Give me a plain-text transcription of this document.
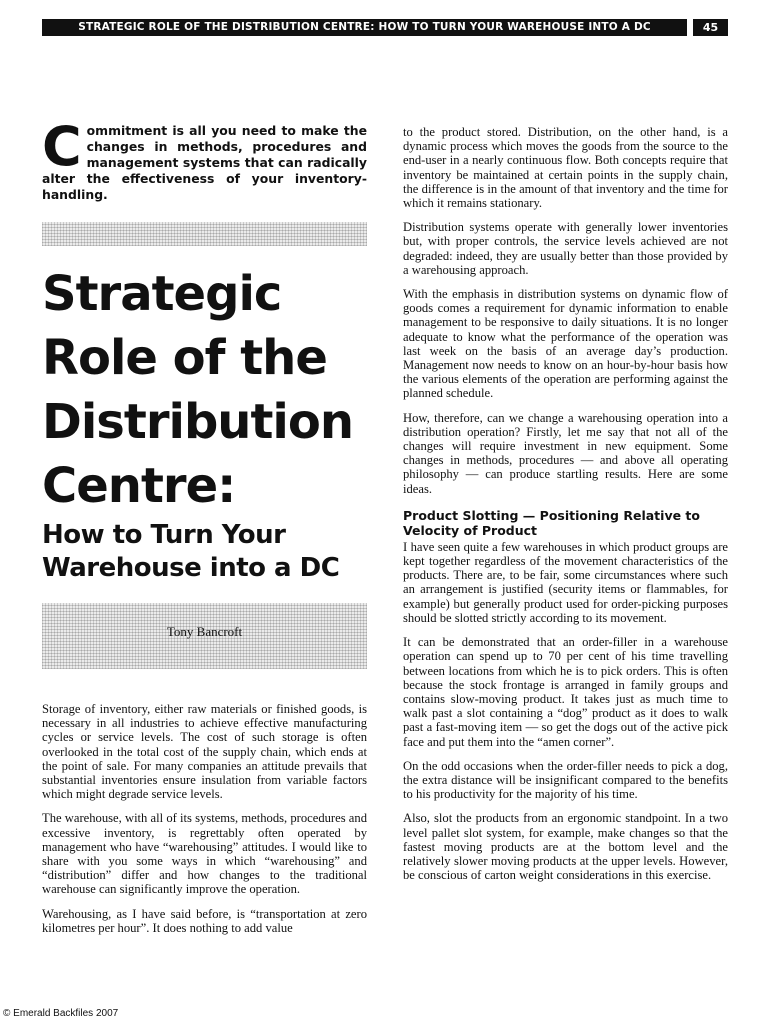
STRATEGIC ROLE OF THE DISTRIBUTION CENTRE: HOW TO TURN YOUR WAREHOUSE INTO A DC	45
C ommitment is all you need to make the changes in methods, procedures and management systems that can radically alter the effectiveness of your inventory-handling.
Strategic
Role of the
Distribution
Centre:
How to Turn Your
Warehouse into a DC
Tony Bancroft

Storage of inventory, either raw materials or finished goods, is necessary in all industries to achieve effective manufacturing cycles or service levels. The cost of such storage is often overlooked in the total cost of the supply chain, which ends at the point of sale. For many companies an attitude prevails that substantial inventories ensure insulation from variable factors which might degrade service levels.

The warehouse, with all of its systems, methods, procedures and excessive inventory, is regrettably often operated by management who have “warehousing” attitudes. I would like to share with you some ways in which “warehousing” and “distribution” differ and how changes to the traditional warehouse can significantly improve the operation.

Warehousing, as I have said before, is “transportation at zero kilometres per hour”. It does nothing to add value

to the product stored. Distribution, on the other hand, is a dynamic process which moves the goods from the source to the end-user in a nearly continuous flow. Both concepts require that inventory be maintained at certain points in the supply chain, the difference is in the amount of that inventory and the time for which it remains stationary.

Distribution systems operate with generally lower inventories but, with proper controls, the service levels achieved are not degraded: indeed, they are usually better than those provided by a warehousing approach.

With the emphasis in distribution systems on dynamic flow of goods comes a requirement for dynamic information to enable management to be responsive to daily situations. It is no longer adequate to know what the performance of the operation was last week on the basis of an average day’s production. Management now needs to know on an hour-by-hour basis how the various elements of the operation are performing against the planned schedule.

How, therefore, can we change a warehousing operation into a distribution operation? Firstly, let me say that not all of the changes will require investment in new equipment. Some changes in methods, procedures — and above all operating philosophy — can produce startling results. Here are some ideas.

Product Slotting — Positioning Relative to Velocity of Product

I have seen quite a few warehouses in which product groups are kept together regardless of the movement characteristics of the products. There are, to be fair, some circumstances where such an arrangement is justified (security items or flammables, for example) but generally product used for order-picking purposes should be slotted strictly according to its movement.

It can be demonstrated that an order-filler in a warehouse operation can spend up to 70 per cent of his time travelling between locations from which he is to pick orders. This is often because the stock frontage is arranged in family groups and contains slow-moving product. It takes just as much time to walk past a slot containing a “dog” product as it does to walk past a fast-moving item — so get the dogs out of the active pick face and put them into the “amen corner”.

On the odd occasions when the order-filler needs to pick a dog, the extra distance will be insignificant compared to the benefits to his productivity for the majority of his time.

Also, slot the products from an ergonomic standpoint. In a two level pallet slot system, for example, make changes so that the fastest moving products are at the bottom level and the relatively slower moving products at the upper levels. However, be conscious of carton weight considerations in this exercise.

© Emerald Backfiles 2007
